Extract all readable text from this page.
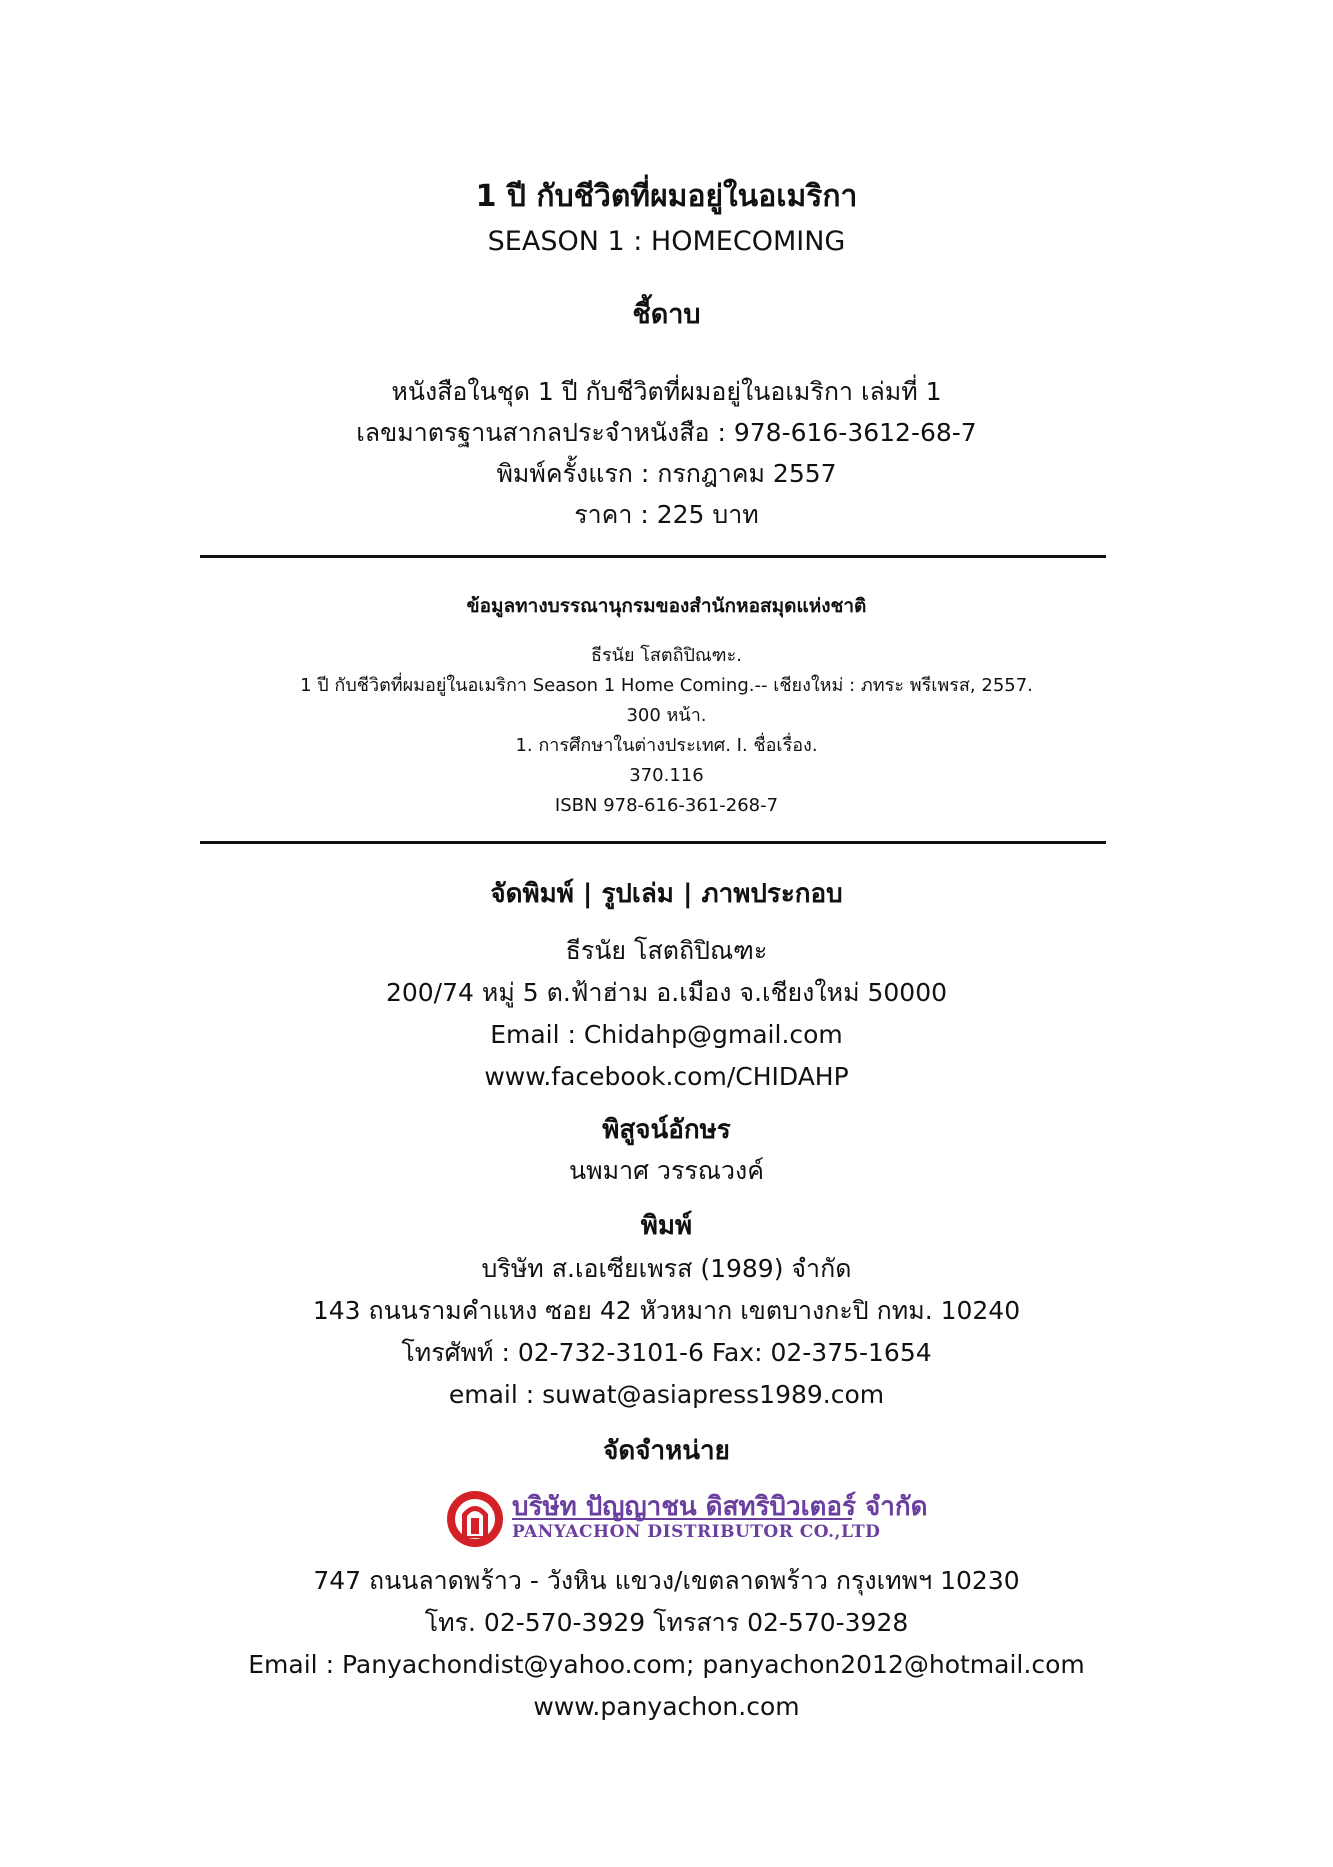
1 ปี กับชีวิตที่ผมอยู่ในอเมริกา
SEASON 1 : HOMECOMING
ชี้ดาบ
หนังสือในชุด 1 ปี กับชีวิตที่ผมอยู่ในอเมริกา เล่มที่ 1
เลขมาตรฐานสากลประจำหนังสือ : 978-616-3612-68-7
พิมพ์ครั้งแรก : กรกฎาคม 2557
ราคา : 225 บาท
ข้อมูลทางบรรณานุกรมของสำนักหอสมุดแห่งชาติ
ธีรนัย โสตถิปิณฑะ.
1 ปี กับชีวิตที่ผมอยู่ในอเมริกา Season 1 Home Coming.-- เชียงใหม่ : ภทระ พรีเพรส, 2557.
300 หน้า.
1. การศึกษาในต่างประเทศ. I. ชื่อเรื่อง.
370.116
ISBN 978-616-361-268-7
จัดพิมพ์ | รูปเล่ม | ภาพประกอบ
ธีรนัย โสตถิปิณฑะ
200/74 หมู่ 5 ต.ฟ้าฮ่าม อ.เมือง จ.เชียงใหม่ 50000
Email : Chidahp@gmail.com
www.facebook.com/CHIDAHP
พิสูจน์อักษร
นพมาศ วรรณวงค์
พิมพ์
บริษัท ส.เอเซียเพรส (1989) จำกัด
143 ถนนรามคำแหง ซอย 42 หัวหมาก เขตบางกะปิ กทม. 10240
โทรศัพท์ : 02-732-3101-6 Fax: 02-375-1654
email : suwat@asiapress1989.com
จัดจำหน่าย
บริษัท ปัญญาชน ดิสทริบิวเตอร์ จำกัด
PANYACHON DISTRIBUTOR CO.,LTD
747 ถนนลาดพร้าว - วังหิน แขวง/เขตลาดพร้าว กรุงเทพฯ 10230
โทร. 02-570-3929 โทรสาร 02-570-3928
Email : Panyachondist@yahoo.com; panyachon2012@hotmail.com
www.panyachon.com
